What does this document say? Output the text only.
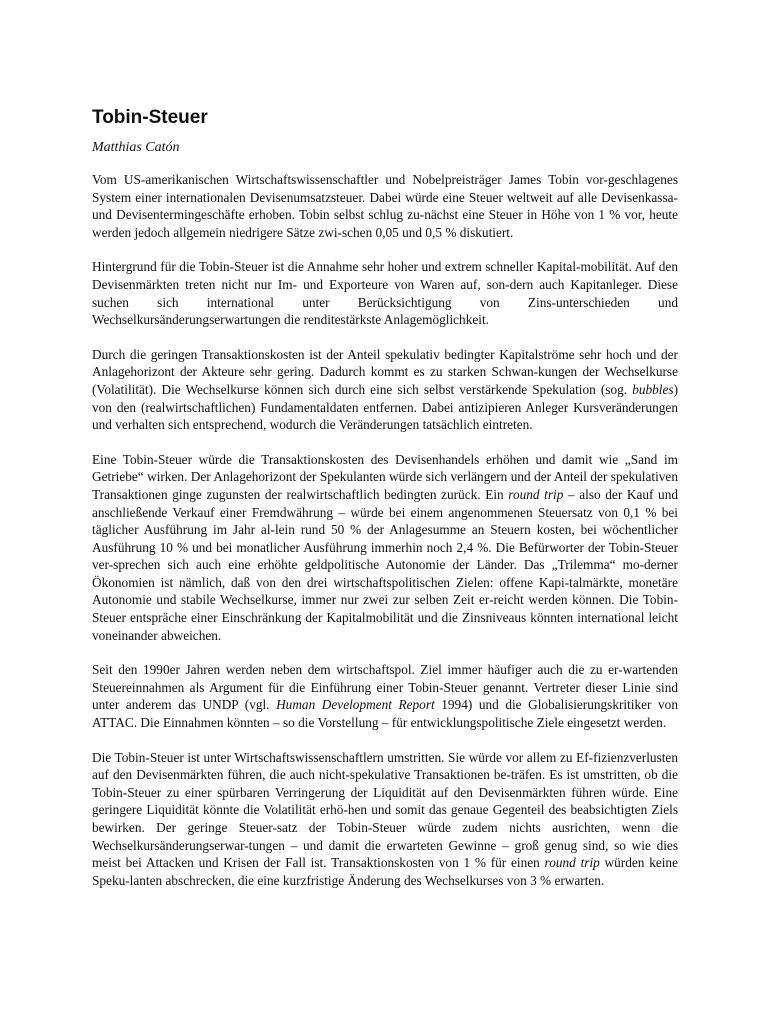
Tobin-Steuer

Matthias Catón

Vom US-amerikanischen Wirtschaftswissenschaftler und Nobelpreisträger James Tobin vor-geschlagenes System einer internationalen Devisenumsatzsteuer. Dabei würde eine Steuer weltweit auf alle Devisenkassa- und Devisentermingeschäfte erhoben. Tobin selbst schlug zu-nächst eine Steuer in Höhe von 1 % vor, heute werden jedoch allgemein niedrigere Sätze zwi-schen 0,05 und 0,5 % diskutiert.

Hintergrund für die Tobin-Steuer ist die Annahme sehr hoher und extrem schneller Kapital-mobilität. Auf den Devisenmärkten treten nicht nur Im- und Exporteure von Waren auf, son-dern auch Kapitanleger. Diese suchen sich international unter Berücksichtigung von Zins-unterschieden und Wechselkursänderungserwartungen die renditestärkste Anlagemöglichkeit.

Durch die geringen Transaktionskosten ist der Anteil spekulativ bedingter Kapitalströme sehr hoch und der Anlagehorizont der Akteure sehr gering. Dadurch kommt es zu starken Schwan-kungen der Wechselkurse (Volatilität). Die Wechselkurse können sich durch eine sich selbst verstärkende Spekulation (sog. bubbles) von den (realwirtschaftlichen) Fundamentaldaten entfernen. Dabei antizipieren Anleger Kursveränderungen und verhalten sich entsprechend, wodurch die Veränderungen tatsächlich eintreten.

Eine Tobin-Steuer würde die Transaktionskosten des Devisenhandels erhöhen und damit wie „Sand im Getriebe“ wirken. Der Anlagehorizont der Spekulanten würde sich verlängern und der Anteil der spekulativen Transaktionen ginge zugunsten der realwirtschaftlich bedingten zurück. Ein round trip – also der Kauf und anschließende Verkauf einer Fremdwährung – würde bei einem angenommenen Steuersatz von 0,1 % bei täglicher Ausführung im Jahr al-lein rund 50 % der Anlagesumme an Steuern kosten, bei wöchentlicher Ausführung 10 % und bei monatlicher Ausführung immerhin noch 2,4 %. Die Befürworter der Tobin-Steuer ver-sprechen sich auch eine erhöhte geldpolitische Autonomie der Länder. Das „Trilemma“ mo-derner Ökonomien ist nämlich, daß von den drei wirtschaftspolitischen Zielen: offene Kapi-talmärkte, monetäre Autonomie und stabile Wechselkurse, immer nur zwei zur selben Zeit er-reicht werden können. Die Tobin-Steuer entspräche einer Einschränkung der Kapitalmobilität und die Zinsniveaus könnten international leicht voneinander abweichen.

Seit den 1990er Jahren werden neben dem wirtschaftspol. Ziel immer häufiger auch die zu er-wartenden Steuereinnahmen als Argument für die Einführung einer Tobin-Steuer genannt. Vertreter dieser Linie sind unter anderem das UNDP (vgl. Human Development Report 1994) und die Globalisierungskritiker von ATTAC. Die Einnahmen könnten – so die Vorstellung – für entwicklungspolitische Ziele eingesetzt werden.

Die Tobin-Steuer ist unter Wirtschaftswissenschaftlern umstritten. Sie würde vor allem zu Ef-fizienzverlusten auf den Devisenmärkten führen, die auch nicht-spekulative Transaktionen be-träfen. Es ist umstritten, ob die Tobin-Steuer zu einer spürbaren Verringerung der Liquidität auf den Devisenmärkten führen würde. Eine geringere Liquidität könnte die Volatilität erhö-hen und somit das genaue Gegenteil des beabsichtigten Ziels bewirken. Der geringe Steuer-satz der Tobin-Steuer würde zudem nichts ausrichten, wenn die Wechselkursänderungserwar-tungen – und damit die erwarteten Gewinne – groß genug sind, so wie dies meist bei Attacken und Krisen der Fall ist. Transaktionskosten von 1 % für einen round trip würden keine Speku-lanten abschrecken, die eine kurzfristige Änderung des Wechselkurses von 3 % erwarten.
